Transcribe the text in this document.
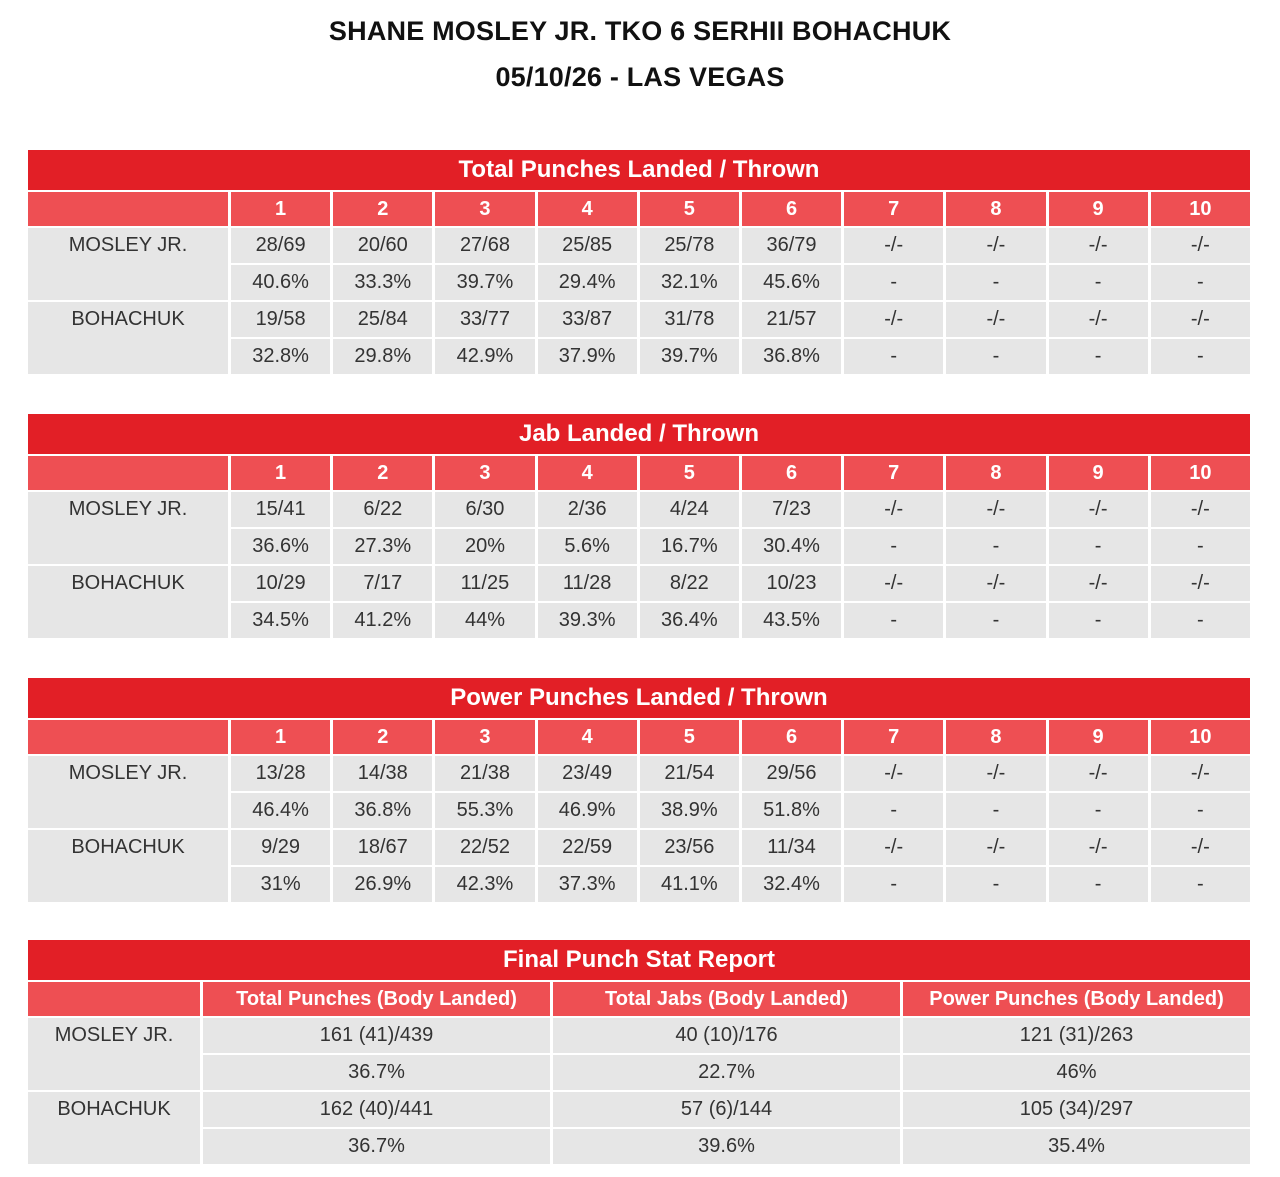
SHANE MOSLEY JR. TKO 6 SERHII BOHACHUK
05/10/26 - LAS VEGAS
Total Punches Landed / Thrown
	1	2	3	4	5	6	7	8	9	10
MOSLEY JR.	28/69	20/60	27/68	25/85	25/78	36/79	-/-	-/-	-/-	-/-
	40.6%	33.3%	39.7%	29.4%	32.1%	45.6%	-	-	-	-
BOHACHUK	19/58	25/84	33/77	33/87	31/78	21/57	-/-	-/-	-/-	-/-
	32.8%	29.8%	42.9%	37.9%	39.7%	36.8%	-	-	-	-
Jab Landed / Thrown
	1	2	3	4	5	6	7	8	9	10
MOSLEY JR.	15/41	6/22	6/30	2/36	4/24	7/23	-/-	-/-	-/-	-/-
	36.6%	27.3%	20%	5.6%	16.7%	30.4%	-	-	-	-
BOHACHUK	10/29	7/17	11/25	11/28	8/22	10/23	-/-	-/-	-/-	-/-
	34.5%	41.2%	44%	39.3%	36.4%	43.5%	-	-	-	-
Power Punches Landed / Thrown
	1	2	3	4	5	6	7	8	9	10
MOSLEY JR.	13/28	14/38	21/38	23/49	21/54	29/56	-/-	-/-	-/-	-/-
	46.4%	36.8%	55.3%	46.9%	38.9%	51.8%	-	-	-	-
BOHACHUK	9/29	18/67	22/52	22/59	23/56	11/34	-/-	-/-	-/-	-/-
	31%	26.9%	42.3%	37.3%	41.1%	32.4%	-	-	-	-
Final Punch Stat Report
	Total Punches (Body Landed)	Total Jabs (Body Landed)	Power Punches (Body Landed)
MOSLEY JR.	161 (41)/439	40 (10)/176	121 (31)/263
	36.7%	22.7%	46%
BOHACHUK	162 (40)/441	57 (6)/144	105 (34)/297
	36.7%	39.6%	35.4%
